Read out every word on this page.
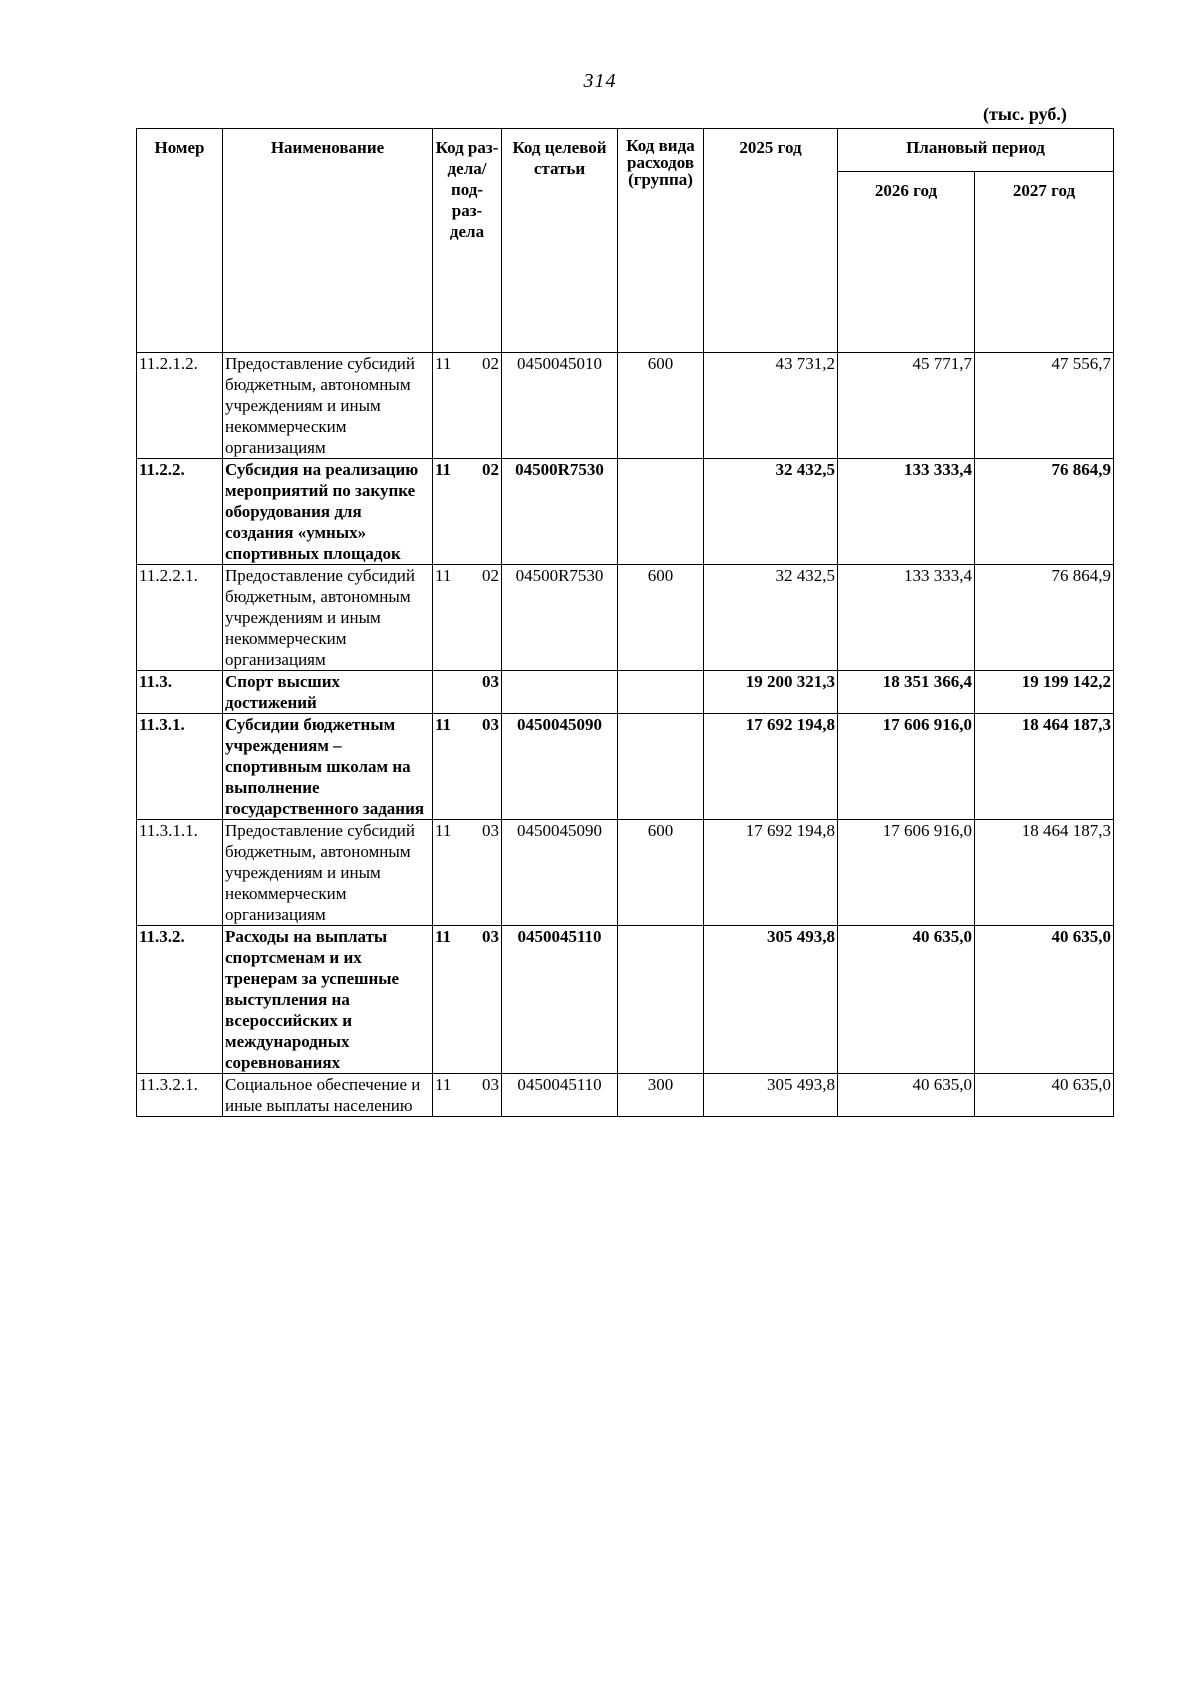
314
(тыс. руб.)
Номер	Наименование	Код раз- дела/ под- раз- дела	Код целевой статьи	Код вида расходов (группа)	2025 год	Плановый период	
						2026 год	2027 год
11.2.1.2.	Предоставление субсидий бюджетным, автономным учреждениям и иным некоммерческим организациям	11 02	0450045010	600	43 731,2	45 771,7	47 556,7
11.2.2.	Субсидия на реализацию мероприятий по закупке оборудования для создания «умных» спортивных площадок	11 02	04500R7530		32 432,5	133 333,4	76 864,9
11.2.2.1.	Предоставление субсидий бюджетным, автономным учреждениям и иным некоммерческим организациям	11 02	04500R7530	600	32 432,5	133 333,4	76 864,9
11.3.	Спорт высших достижений	03			19 200 321,3	18 351 366,4	19 199 142,2
11.3.1.	Субсидии бюджетным учреждениям – спортивным школам на выполнение государственного задания	11 03	0450045090		17 692 194,8	17 606 916,0	18 464 187,3
11.3.1.1.	Предоставление субсидий бюджетным, автономным учреждениям и иным некоммерческим организациям	11 03	0450045090	600	17 692 194,8	17 606 916,0	18 464 187,3
11.3.2.	Расходы на выплаты спортсменам и их тренерам за успешные выступления на всероссийских и международных соревнованиях	11 03	0450045110		305 493,8	40 635,0	40 635,0
11.3.2.1.	Социальное обеспечение и иные выплаты населению	11 03	0450045110	300	305 493,8	40 635,0	40 635,0
